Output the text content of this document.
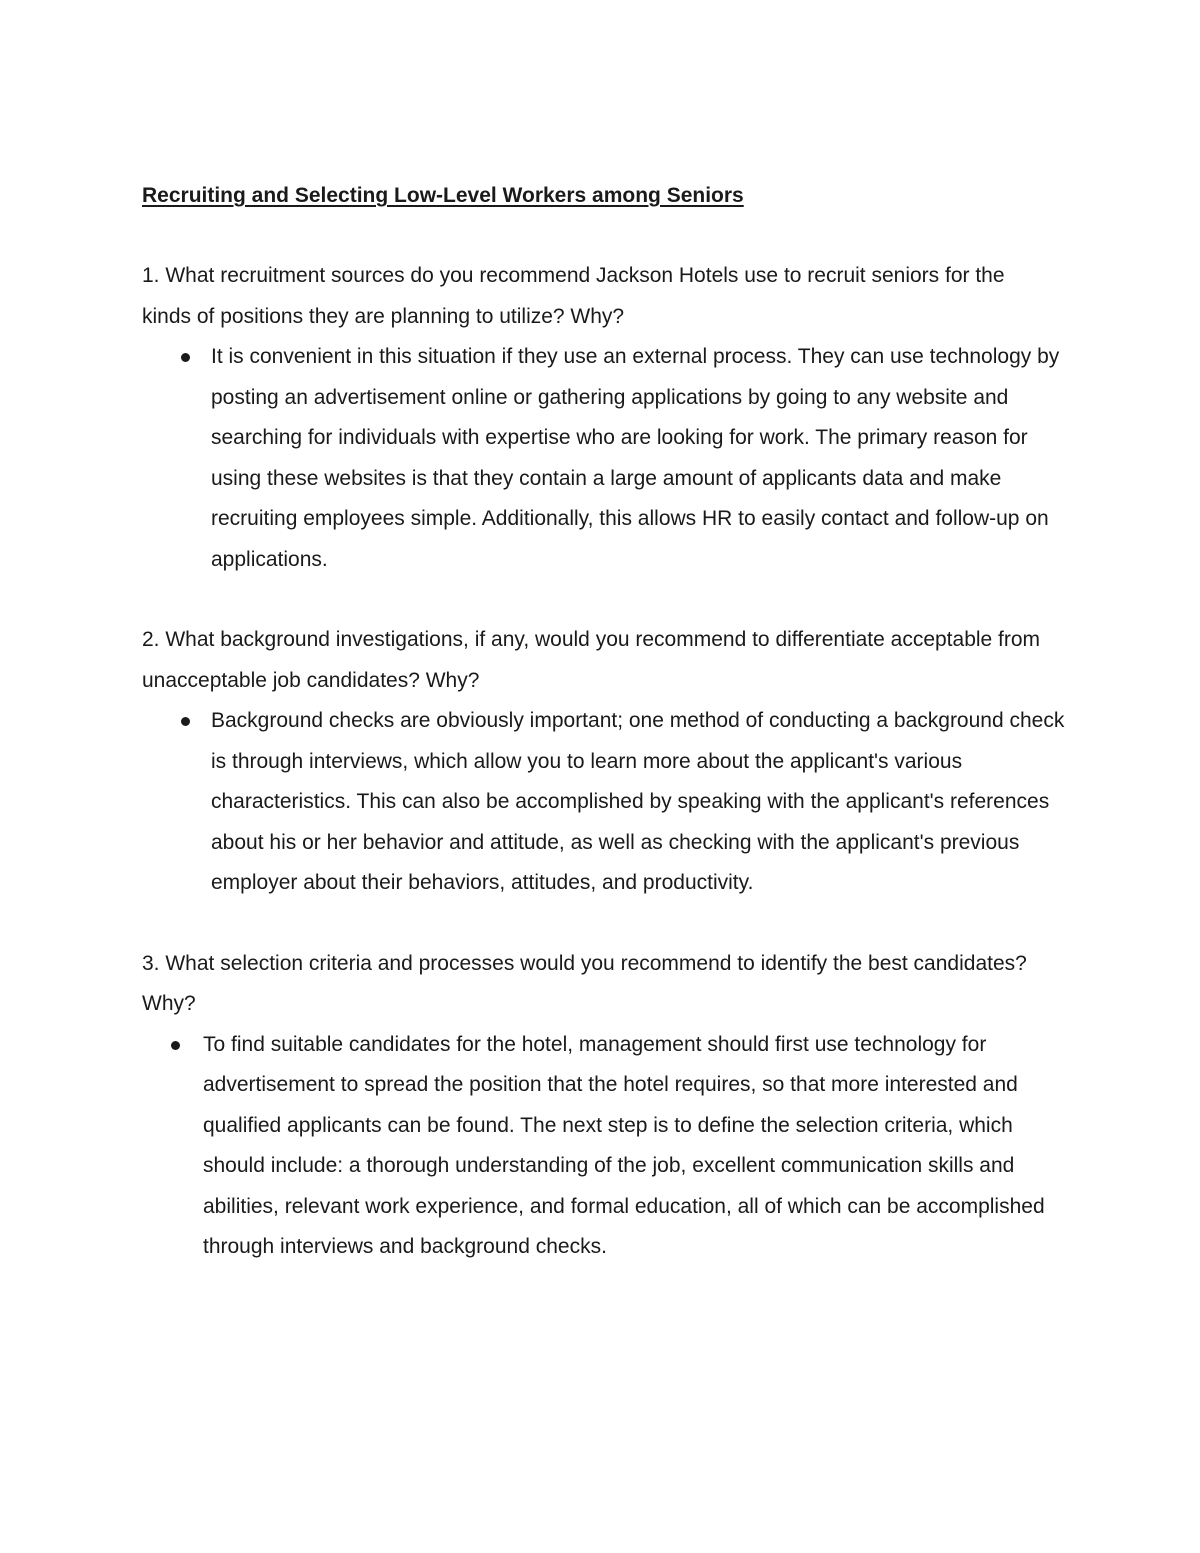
Recruiting and Selecting Low-Level Workers among Seniors

1. What recruitment sources do you recommend Jackson Hotels use to recruit seniors for the kinds of positions they are planning to utilize? Why?

It is convenient in this situation if they use an external process. They can use technology by posting an advertisement online or gathering applications by going to any website and searching for individuals with expertise who are looking for work. The primary reason for using these websites is that they contain a large amount of applicants data and make recruiting employees simple. Additionally, this allows HR to easily contact and follow-up on applications.

2. What background investigations, if any, would you recommend to differentiate acceptable from unacceptable job candidates? Why?

Background checks are obviously important; one method of conducting a background check is through interviews, which allow you to learn more about the applicant's various characteristics. This can also be accomplished by speaking with the applicant's references about his or her behavior and attitude, as well as checking with the applicant's previous employer about their behaviors, attitudes, and productivity.

3. What selection criteria and processes would you recommend to identify the best candidates? Why?

To find suitable candidates for the hotel, management should first use technology for advertisement to spread the position that the hotel requires, so that more interested and qualified applicants can be found. The next step is to define the selection criteria, which should include: a thorough understanding of the job, excellent communication skills and abilities, relevant work experience, and formal education, all of which can be accomplished through interviews and background checks.
